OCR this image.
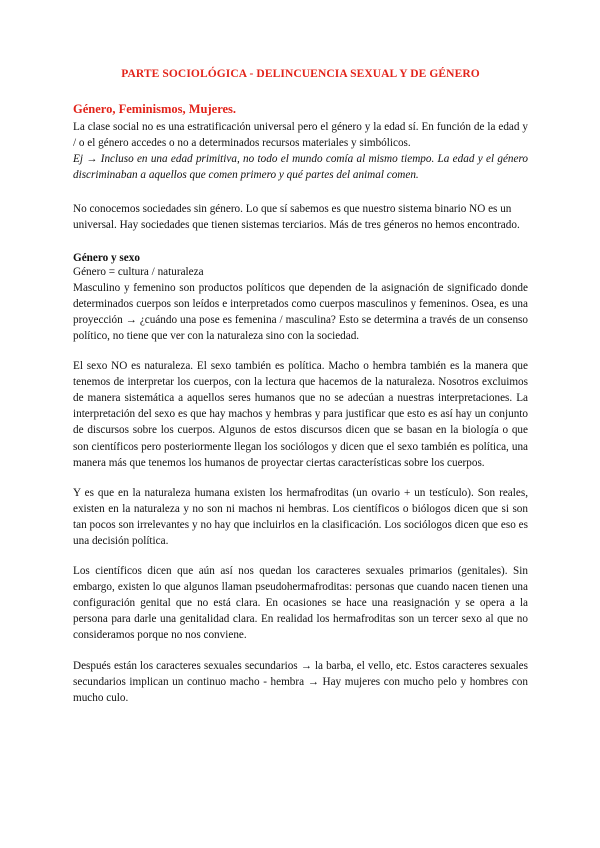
PARTE SOCIOLÓGICA - DELINCUENCIA SEXUAL Y DE GÉNERO
Género, Feminismos, Mujeres.

La clase social no es una estratificación universal pero el género y la edad sí. En función de la edad y / o el género accedes o no a determinados recursos materiales y simbólicos.

Ej → Incluso en una edad primitiva, no todo el mundo comía al mismo tiempo. La edad y el género discriminaban a aquellos que comen primero y qué partes del animal comen.

No conocemos sociedades sin género. Lo que sí sabemos es que nuestro sistema binario NO es un universal. Hay sociedades que tienen sistemas terciarios. Más de tres géneros no hemos encontrado.

Género y sexo

Género = cultura / naturaleza

Masculino y femenino son productos políticos que dependen de la asignación de significado donde determinados cuerpos son leídos e interpretados como cuerpos masculinos y femeninos. Osea, es una proyección → ¿cuándo una pose es femenina / masculina? Esto se determina a través de un consenso político, no tiene que ver con la naturaleza sino con la sociedad.

El sexo NO es naturaleza. El sexo también es política. Macho o hembra también es la manera que tenemos de interpretar los cuerpos, con la lectura que hacemos de la naturaleza. Nosotros excluimos de manera sistemática a aquellos seres humanos que no se adecúan a nuestras interpretaciones. La interpretación del sexo es que hay machos y hembras y para justificar que esto es así hay un conjunto de discursos sobre los cuerpos. Algunos de estos discursos dicen que se basan en la biología o que son científicos pero posteriormente llegan los sociólogos y dicen que el sexo también es política, una manera más que tenemos los humanos de proyectar ciertas características sobre los cuerpos.

Y es que en la naturaleza humana existen los hermafroditas (un ovario + un testículo). Son reales, existen en la naturaleza y no son ni machos ni hembras. Los científicos o biólogos dicen que si son tan pocos son irrelevantes y no hay que incluirlos en la clasificación. Los sociólogos dicen que eso es una decisión política.

Los científicos dicen que aún así nos quedan los caracteres sexuales primarios (genitales). Sin embargo, existen lo que algunos llaman pseudohermafroditas: personas que cuando nacen tienen una configuración genital que no está clara. En ocasiones se hace una reasignación y se opera a la persona para darle una genitalidad clara. En realidad los hermafroditas son un tercer sexo al que no consideramos porque no nos conviene.

Después están los caracteres sexuales secundarios → la barba, el vello, etc. Estos caracteres sexuales secundarios implican un continuo macho - hembra → Hay mujeres con mucho pelo y hombres con mucho culo.
